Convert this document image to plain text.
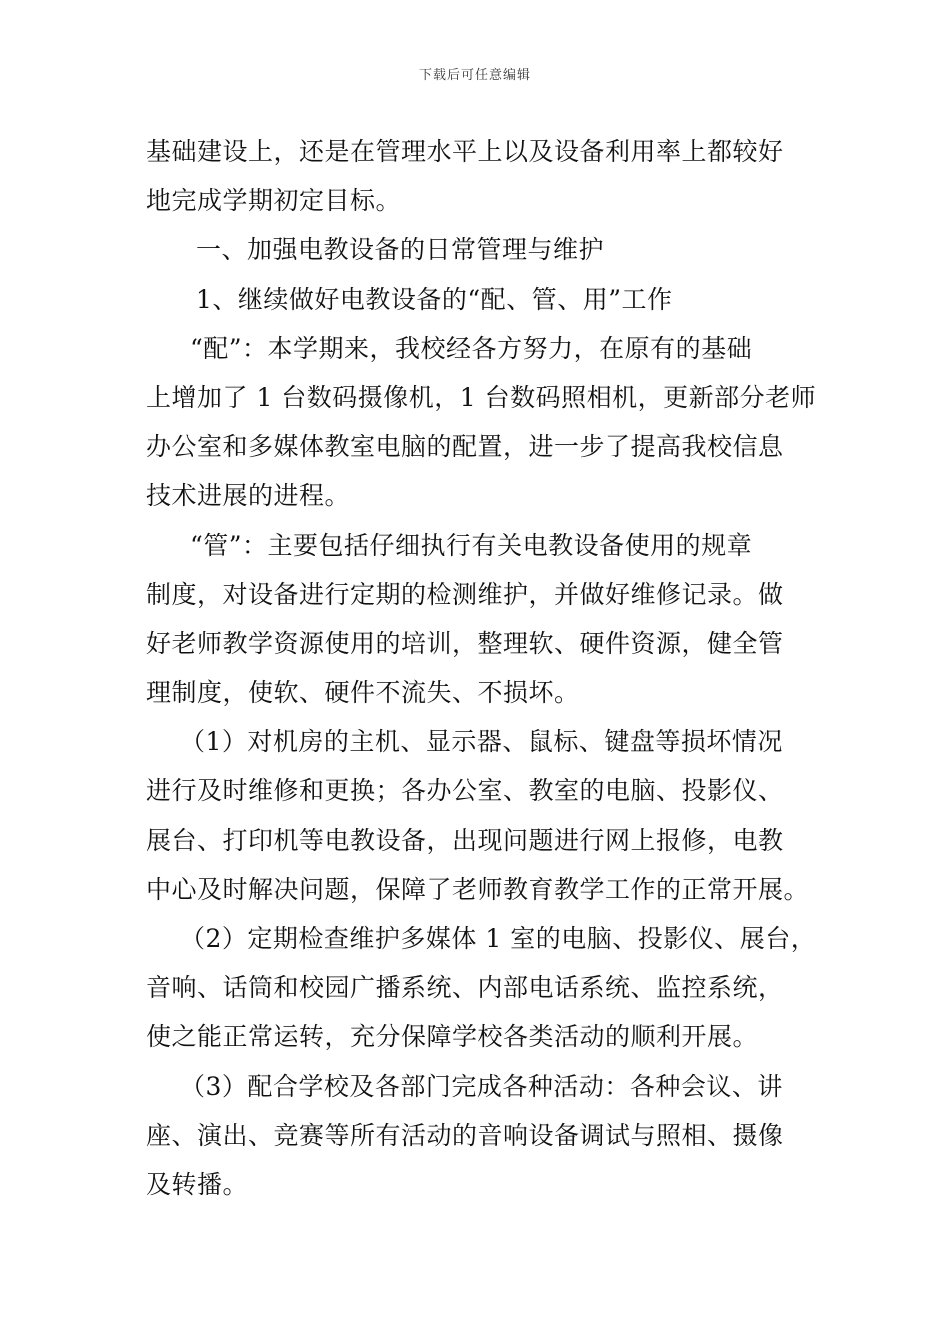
下载后可任意编辑
基础建设上，还是在管理水平上以及设备利用率上都较好
地完成学期初定目标。
一、加强电教设备的日常管理与维护
1、继续做好电教设备的“配、管、用”工作
“配”：本学期来，我校经各方努力，在原有的基础
上增加了 1 台数码摄像机，1 台数码照相机，更新部分老师
办公室和多媒体教室电脑的配置，进一步了提高我校信息
技术进展的进程。
“管”：主要包括仔细执行有关电教设备使用的规章
制度，对设备进行定期的检测维护，并做好维修记录。做
好老师教学资源使用的培训，整理软、硬件资源，健全管
理制度，使软、硬件不流失、不损坏。
（1）对机房的主机、显示器、鼠标、键盘等损坏情况
进行及时维修和更换；各办公室、教室的电脑、投影仪、
展台、打印机等电教设备，出现问题进行网上报修，电教
中心及时解决问题，保障了老师教育教学工作的正常开展。
（2）定期检查维护多媒体 1 室的电脑、投影仪、展台，
音响、话筒和校园广播系统、内部电话系统、监控系统，
使之能正常运转，充分保障学校各类活动的顺利开展。
（3）配合学校及各部门完成各种活动：各种会议、讲
座、演出、竞赛等所有活动的音响设备调试与照相、摄像
及转播。
